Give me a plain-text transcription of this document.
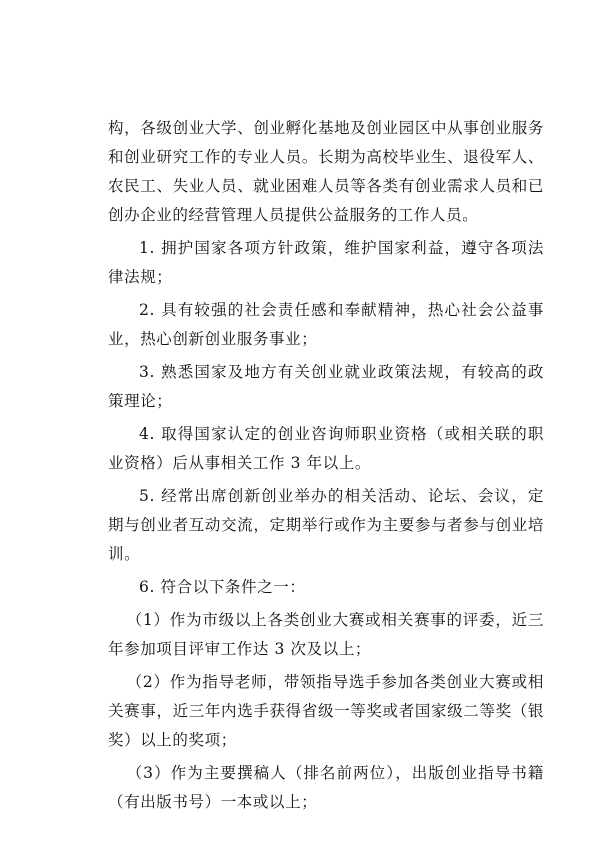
构，各级创业大学、创业孵化基地及创业园区中从事创业服务和创业研究工作的专业人员。长期为高校毕业生、退役军人、农民工、失业人员、就业困难人员等各类有创业需求人员和已创办企业的经营管理人员提供公益服务的工作人员。

1. 拥护国家各项方针政策，维护国家利益，遵守各项法律法规；

2. 具有较强的社会责任感和奉献精神，热心社会公益事业，热心创新创业服务事业；

3. 熟悉国家及地方有关创业就业政策法规，有较高的政策理论；

4. 取得国家认定的创业咨询师职业资格（或相关联的职业资格）后从事相关工作 3 年以上。

5. 经常出席创新创业举办的相关活动、论坛、会议，定期与创业者互动交流，定期举行或作为主要参与者参与创业培训。

6. 符合以下条件之一：

（1）作为市级以上各类创业大赛或相关赛事的评委，近三年参加项目评审工作达 3 次及以上；

（2）作为指导老师，带领指导选手参加各类创业大赛或相关赛事，近三年内选手获得省级一等奖或者国家级二等奖（银奖）以上的奖项；

（3）作为主要撰稿人（排名前两位），出版创业指导书籍（有出版书号）一本或以上；
